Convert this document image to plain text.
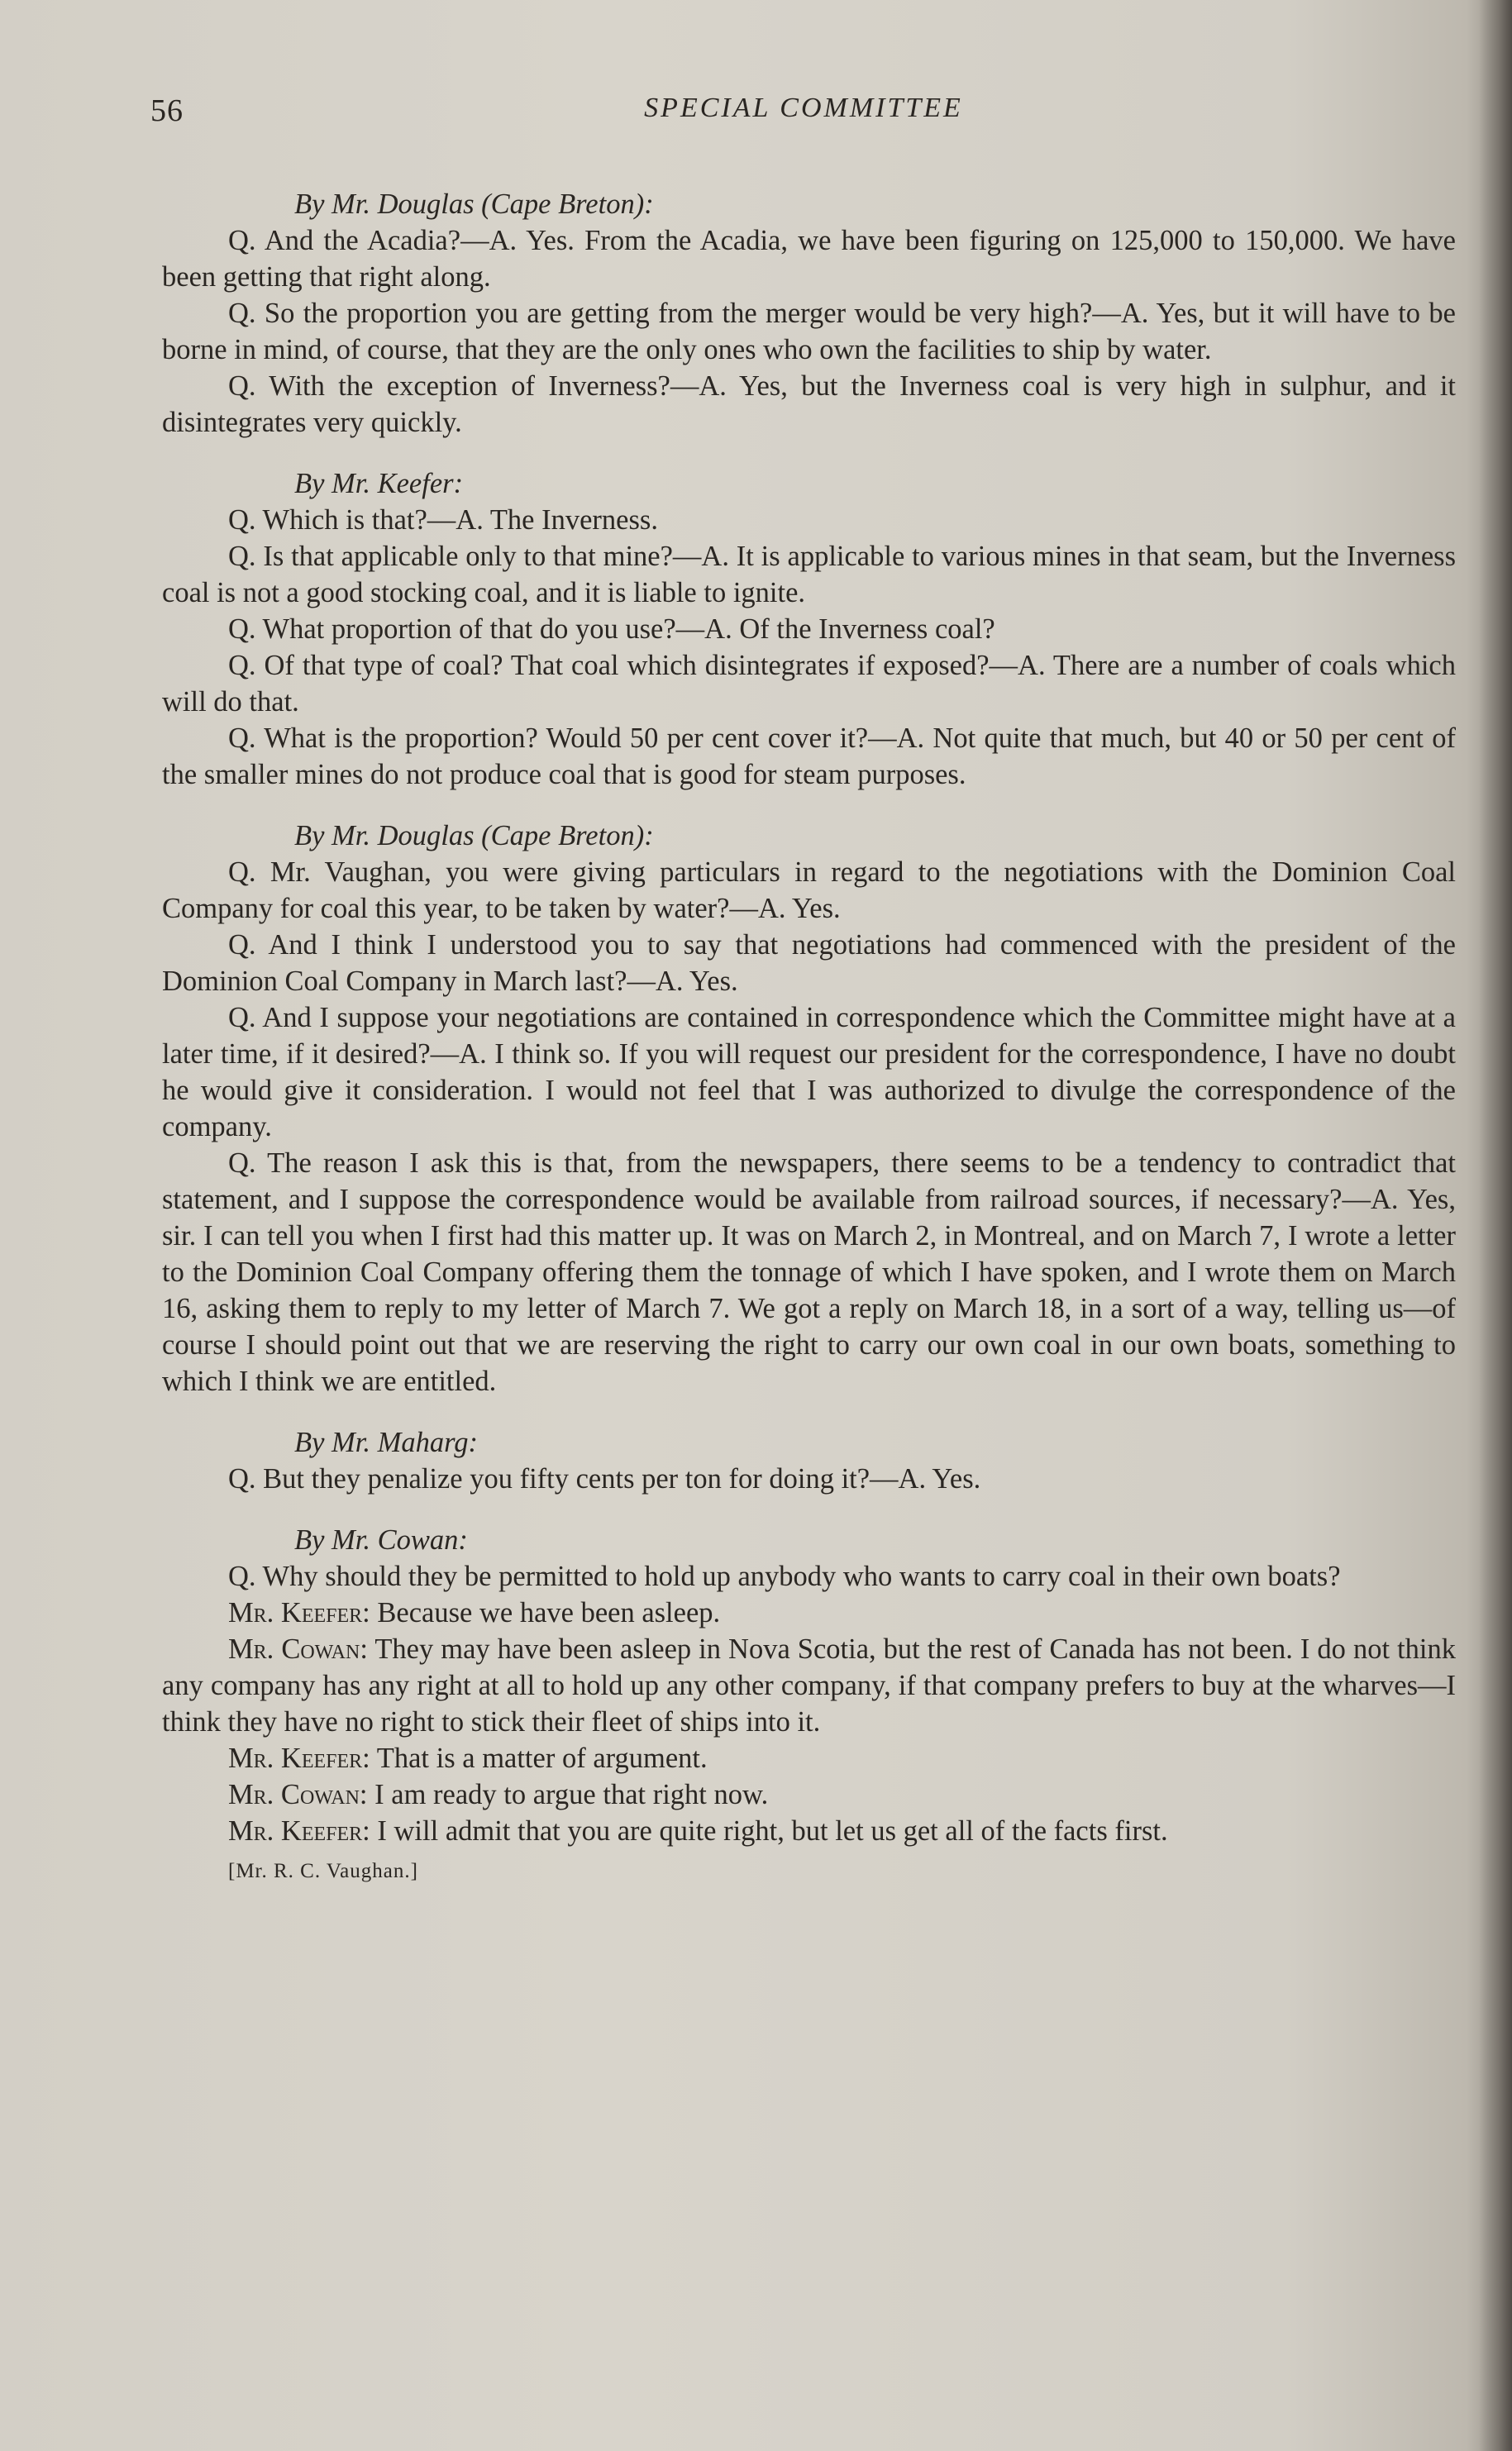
56	SPECIAL COMMITTEE

By Mr. Douglas (Cape Breton):

Q. And the Acadia?—A. Yes. From the Acadia, we have been figuring on 125,000 to 150,000. We have been getting that right along.

Q. So the proportion you are getting from the merger would be very high?—A. Yes, but it will have to be borne in mind, of course, that they are the only ones who own the facilities to ship by water.

Q. With the exception of Inverness?—A. Yes, but the Inverness coal is very high in sulphur, and it disintegrates very quickly.

By Mr. Keefer:

Q. Which is that?—A. The Inverness.

Q. Is that applicable only to that mine?—A. It is applicable to various mines in that seam, but the Inverness coal is not a good stocking coal, and it is liable to ignite.

Q. What proportion of that do you use?—A. Of the Inverness coal?

Q. Of that type of coal? That coal which disintegrates if exposed?—A. There are a number of coals which will do that.

Q. What is the proportion? Would 50 per cent cover it?—A. Not quite that much, but 40 or 50 per cent of the smaller mines do not produce coal that is good for steam purposes.

By Mr. Douglas (Cape Breton):

Q. Mr. Vaughan, you were giving particulars in regard to the negotiations with the Dominion Coal Company for coal this year, to be taken by water?—A. Yes.

Q. And I think I understood you to say that negotiations had commenced with the president of the Dominion Coal Company in March last?—A. Yes.

Q. And I suppose your negotiations are contained in correspondence which the Committee might have at a later time, if it desired?—A. I think so. If you will request our president for the correspondence, I have no doubt he would give it consideration. I would not feel that I was authorized to divulge the correspondence of the company.

Q. The reason I ask this is that, from the newspapers, there seems to be a tendency to contradict that statement, and I suppose the correspondence would be available from railroad sources, if necessary?—A. Yes, sir. I can tell you when I first had this matter up. It was on March 2, in Montreal, and on March 7, I wrote a letter to the Dominion Coal Company offering them the tonnage of which I have spoken, and I wrote them on March 16, asking them to reply to my letter of March 7. We got a reply on March 18, in a sort of a way, telling us—of course I should point out that we are reserving the right to carry our own coal in our own boats, something to which I think we are entitled.

By Mr. Maharg:

Q. But they penalize you fifty cents per ton for doing it?—A. Yes.

By Mr. Cowan:

Q. Why should they be permitted to hold up anybody who wants to carry coal in their own boats?

Mr. Keefer: Because we have been asleep.

Mr. Cowan: They may have been asleep in Nova Scotia, but the rest of Canada has not been. I do not think any company has any right at all to hold up any other company, if that company prefers to buy at the wharves—I think they have no right to stick their fleet of ships into it.

Mr. Keefer: That is a matter of argument.

Mr. Cowan: I am ready to argue that right now.

Mr. Keefer: I will admit that you are quite right, but let us get all of the facts first.

[Mr. R. C. Vaughan.]
